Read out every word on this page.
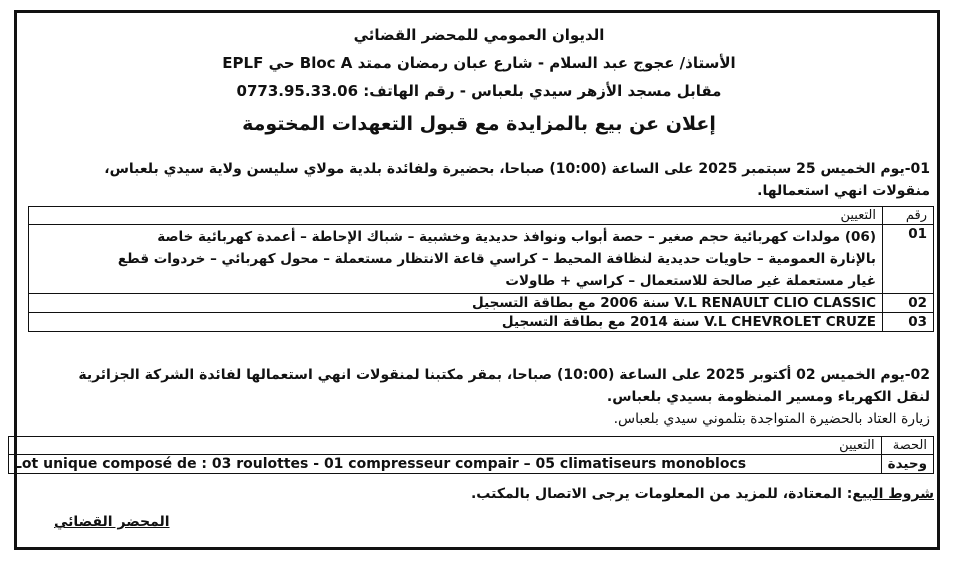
الديوان العمومي للمحضر القضائي
الأستاذ/ عجوج عبد السلام - شارع عبان رمضان ممتد Bloc A حي EPLF
مقابل مسجد الأزهر سيدي بلعباس - رقم الهاتف: 0773.95.33.06
إعلان عن بيع بالمزايدة مع قبول التعهدات المختومة
01-يوم الخميس 25 سبتمبر 2025 على الساعة (10:00) صباحا، بحضيرة ولفائدة بلدية مولاي سليسن ولاية سيدي بلعباس،
منقولات انهي استعمالها.
رقم	التعيين
01	(06) مولدات كهربائية حجم صغير – حصة أبواب ونوافذ حديدية وخشبية – شباك الإحاطة – أعمدة كهربائية خاصة
بالإنارة العمومية – حاويات حديدية لنظافة المحيط – كراسي قاعة الانتظار مستعملة – محول كهربائي – خردوات قطع
غيار مستعملة غير صالحة للاستعمال – كراسي + طاولات

02	V.L RENAULT CLIO CLASSIC سنة 2006 مع بطاقة التسجيل
03	V.L CHEVROLET CRUZE سنة 2014 مع بطاقة التسجيل
02-يوم الخميس 02 أكتوبر 2025 على الساعة (10:00) صباحا، بمقر مكتبنا لمنقولات انهي استعمالها لفائدة الشركة الجزائرية
لنقل الكهرباء ومسير المنظومة بسيدي بلعباس.
زيارة العتاد بالحضيرة المتواجدة بتلموني سيدي بلعباس.
الحصة	التعيين
وحيدة	Lot unique composé de : 03 roulottes - 01 compresseur compair – 05 climatiseurs monoblocs
شروط البيع: المعتادة، للمزيد من المعلومات يرجى الاتصال بالمكتب.
المحضر القضائي
